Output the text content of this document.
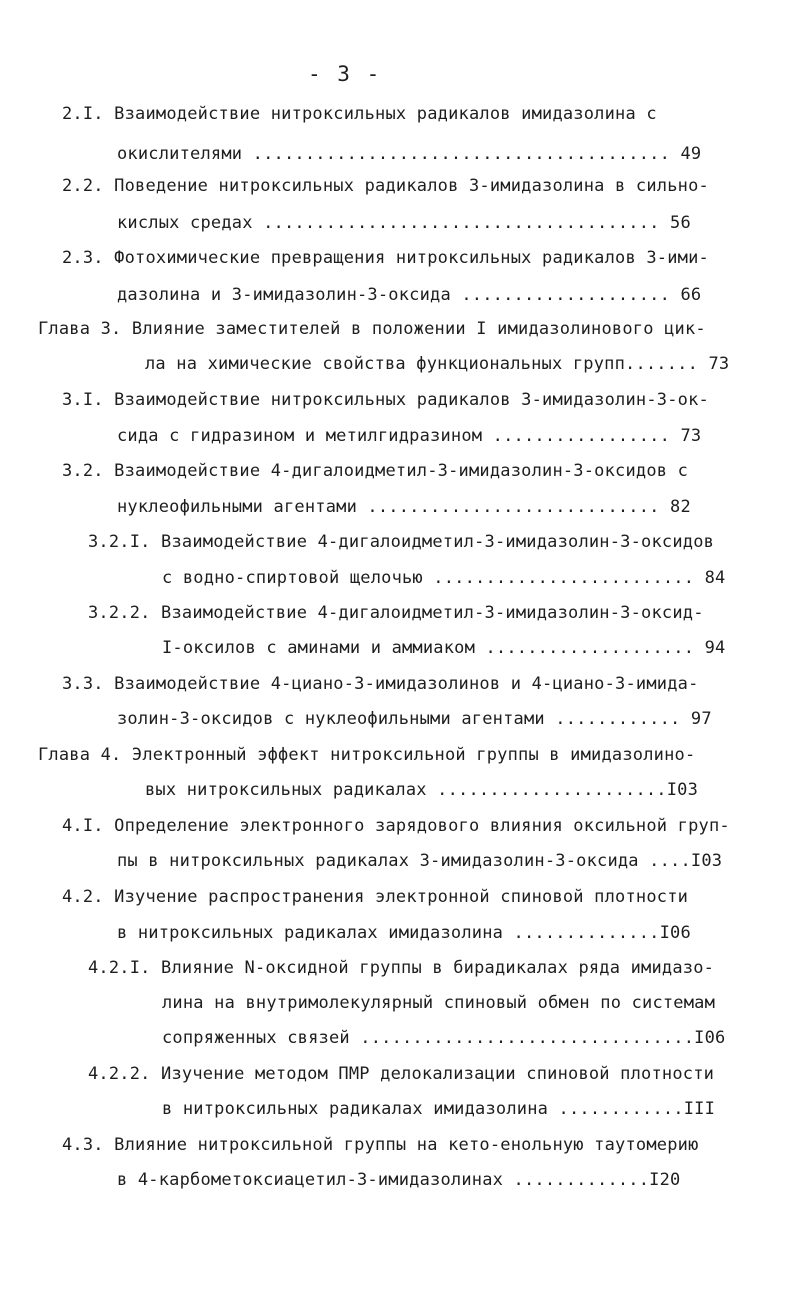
- 3 -
2.I. Взаимодействие нитроксильных радикалов имидазолина с
окислителями ........................................ 49
2.2. Поведение нитроксильных радикалов 3-имидазолина в сильно-
кислых средах ...................................... 56
2.3. Фотохимические превращения нитроксильных радикалов 3-ими-
дазолина и 3-имидазолин-3-оксида .................... 66
Глава 3. Влияние заместителей в положении I имидазолинового цик-
ла на химические свойства функциональных групп....... 73
3.I. Взаимодействие нитроксильных радикалов 3-имидазолин-3-ок-
сида с гидразином и метилгидразином ................. 73
3.2. Взаимодействие 4-дигалоидметил-3-имидазолин-3-оксидов с
нуклеофильными агентами ............................ 82
3.2.I. Взаимодействие 4-дигалоидметил-3-имидазолин-3-оксидов
с водно-спиртовой щелочью ......................... 84
3.2.2. Взаимодействие 4-дигалоидметил-3-имидазолин-3-оксид-
I-оксилов с аминами и аммиаком .................... 94
3.3. Взаимодействие 4-циано-3-имидазолинов и 4-циано-3-имида-
золин-3-оксидов с нуклеофильными агентами ............ 97
Глава 4. Электронный эффект нитроксильной группы в имидазолино-
вых нитроксильных радикалах ......................I03
4.I. Определение электронного зарядового влияния оксильной груп-
пы в нитроксильных радикалах 3-имидазолин-3-оксида ....I03
4.2. Изучение распространения электронной спиновой плотности
в нитроксильных радикалах имидазолина ..............I06
4.2.I. Влияние N-оксидной группы в бирадикалах ряда имидазо-
лина на внутримолекулярный спиновый обмен по системам
сопряженных связей ................................I06
4.2.2. Изучение методом ПМР делокализации спиновой плотности
в нитроксильных радикалах имидазолина ............III
4.3. Влияние нитроксильной группы на кето-енольную таутомерию
в 4-карбометоксиацетил-3-имидазолинах .............I20
